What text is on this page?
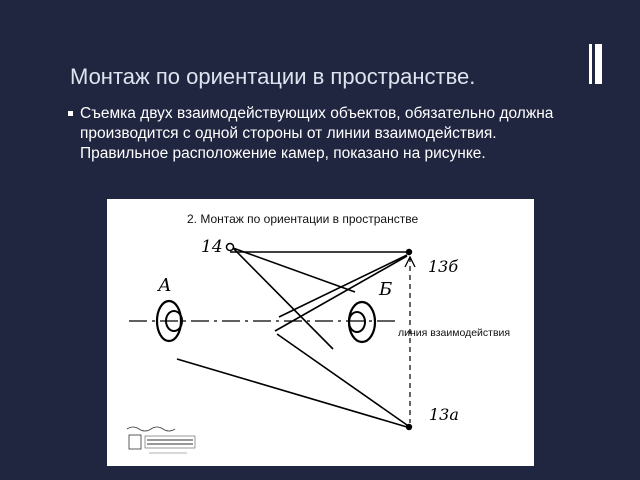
Монтаж по ориентации в пространстве.
Съемка двух взаимодействующих объектов, обязательно должна производится с одной стороны от линии взаимодействия. Правильное расположение камер, показано на рисунке.
2. Монтаж по ориентации в пространстве
линия взаимодействия
14
13б
13а
А	Б
